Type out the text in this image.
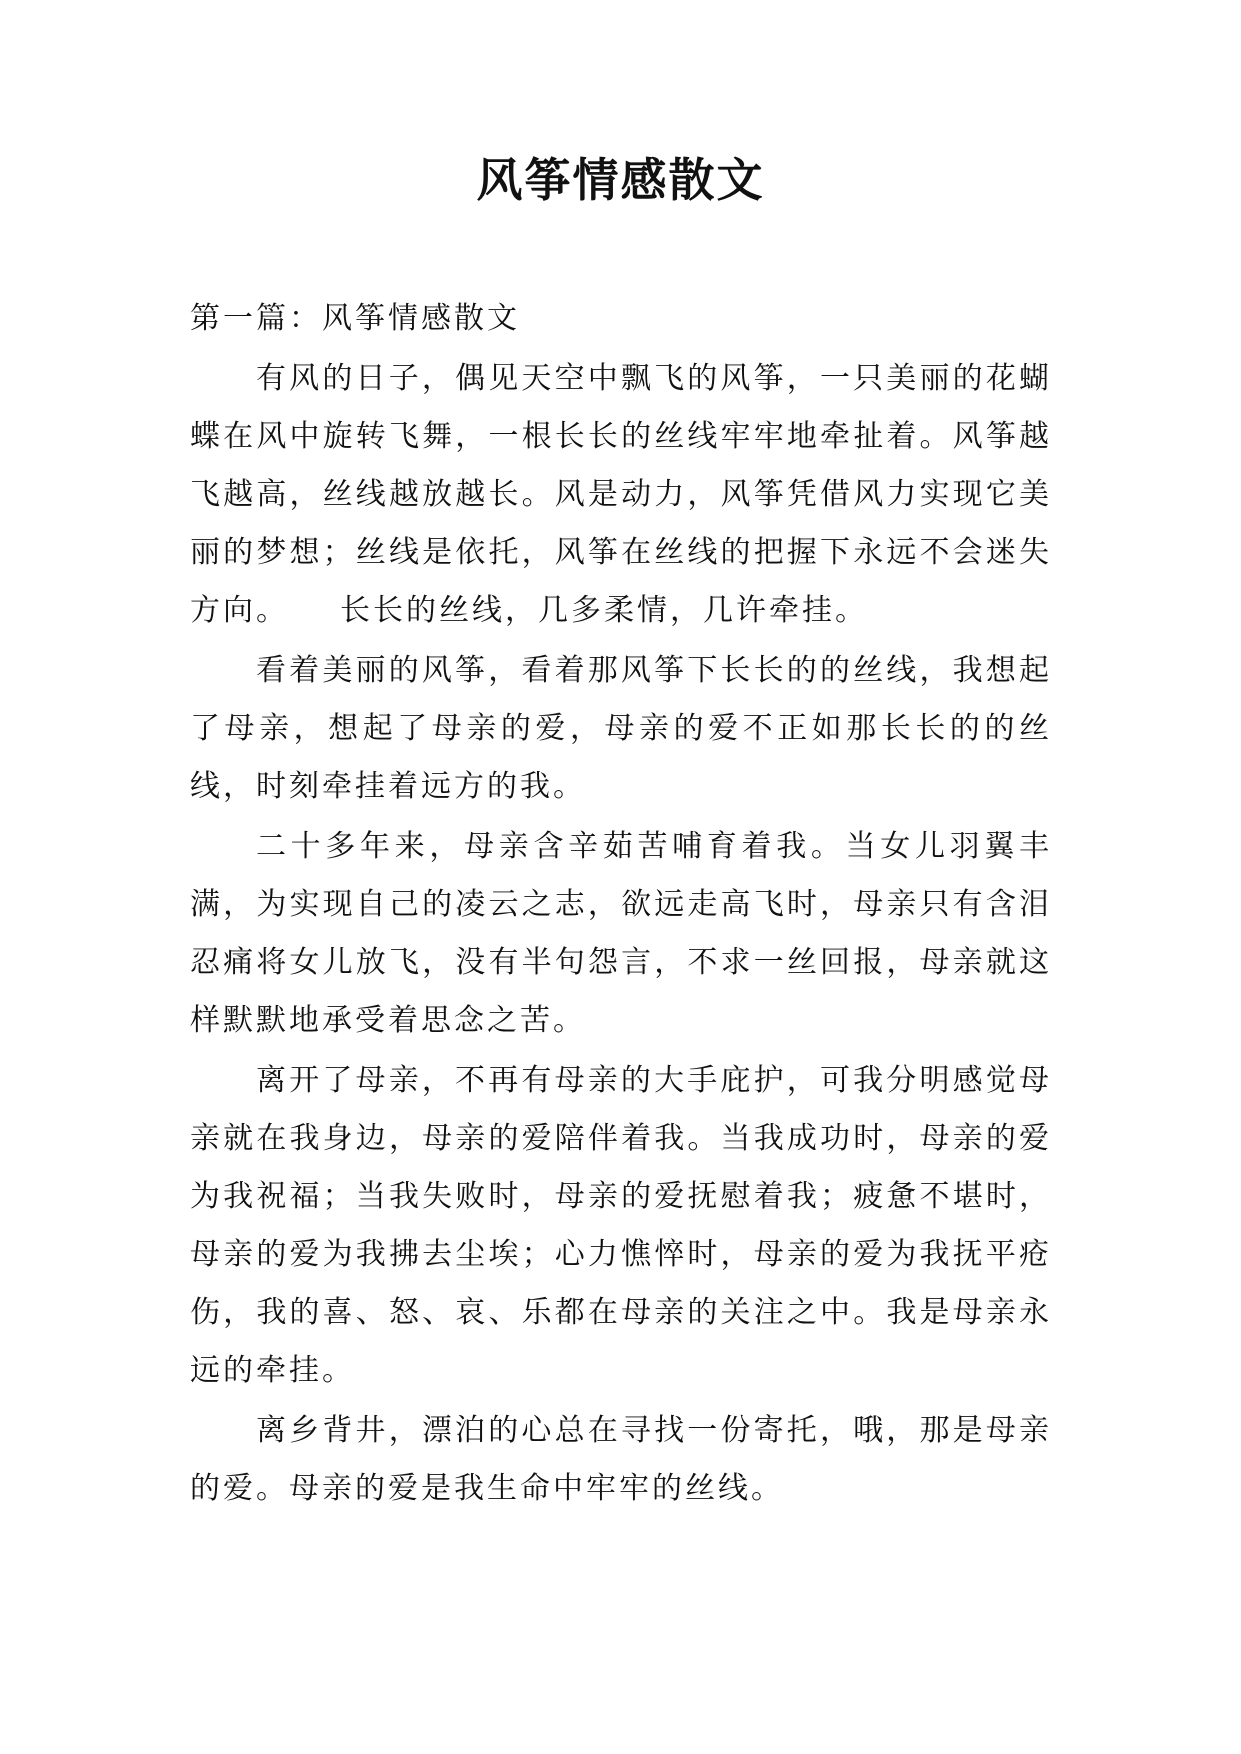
风筝情感散文

第一篇：风筝情感散文

有风的日子，偶见天空中飘飞的风筝，一只美丽的花蝴蝶在风中旋转飞舞，一根长长的丝线牢牢地牵扯着。风筝越飞越高，丝线越放越长。风是动力，风筝凭借风力实现它美丽的梦想；丝线是依托，风筝在丝线的把握下永远不会迷失方向。　　长长的丝线，几多柔情，几许牵挂。

看着美丽的风筝，看着那风筝下长长的的丝线，我想起了母亲，想起了母亲的爱，母亲的爱不正如那长长的的丝线，时刻牵挂着远方的我。

二十多年来，母亲含辛茹苦哺育着我。当女儿羽翼丰满，为实现自己的凌云之志，欲远走高飞时，母亲只有含泪忍痛将女儿放飞，没有半句怨言，不求一丝回报，母亲就这样默默地承受着思念之苦。

离开了母亲，不再有母亲的大手庇护，可我分明感觉母亲就在我身边，母亲的爱陪伴着我。当我成功时，母亲的爱为我祝福；当我失败时，母亲的爱抚慰着我；疲惫不堪时，母亲的爱为我拂去尘埃；心力憔悴时，母亲的爱为我抚平疮伤，我的喜、怒、哀、乐都在母亲的关注之中。我是母亲永远的牵挂。

离乡背井，漂泊的心总在寻找一份寄托，哦，那是母亲的爱。母亲的爱是我生命中牢牢的丝线。
